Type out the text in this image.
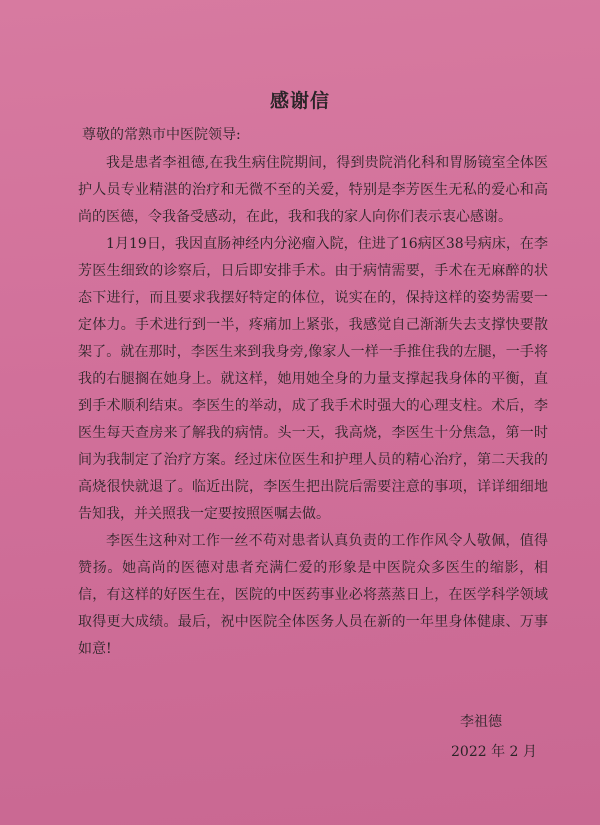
感谢信
尊敬的常熟市中医院领导:

我是患者李祖德,在我生病住院期间，得到贵院消化科和胃肠镜室全体医护人员专业精湛的治疗和无微不至的关爱，特别是李芳医生无私的爱心和高尚的医德，令我备受感动，在此，我和我的家人向你们表示衷心感谢。

1月19日，我因直肠神经内分泌瘤入院，住进了16病区38号病床，在李芳医生细致的诊察后，日后即安排手术。由于病情需要，手术在无麻醉的状态下进行，而且要求我摆好特定的体位，说实在的，保持这样的姿势需要一定体力。手术进行到一半，疼痛加上紧张，我感觉自己渐渐失去支撑快要散架了。就在那时，李医生来到我身旁,像家人一样一手推住我的左腿，一手将我的右腿搁在她身上。就这样，她用她全身的力量支撑起我身体的平衡，直到手术顺利结束。李医生的举动，成了我手术时强大的心理支柱。术后，李医生每天查房来了解我的病情。头一天，我高烧，李医生十分焦急，第一时间为我制定了治疗方案。经过床位医生和护理人员的精心治疗，第二天我的高烧很快就退了。临近出院，李医生把出院后需要注意的事项，详详细细地告知我，并关照我一定要按照医嘱去做。

李医生这种对工作一丝不苟对患者认真负责的工作作风令人敬佩，值得赞扬。她高尚的医德对患者充满仁爱的形象是中医院众多医生的缩影，相信，有这样的好医生在，医院的中医药事业必将蒸蒸日上，在医学科学领域取得更大成绩。最后，祝中医院全体医务人员在新的一年里身体健康、万事如意!

李祖德
2022 年 2 月
